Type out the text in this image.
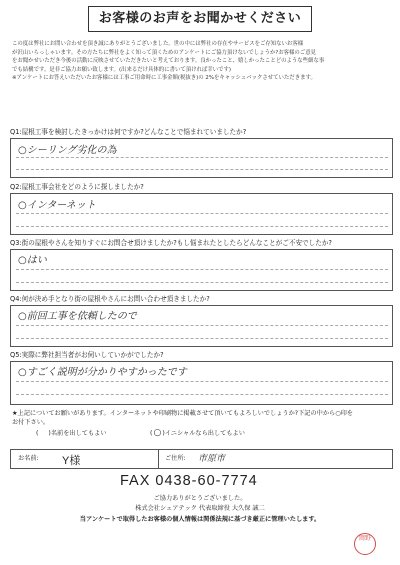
お客様のお声をお聞かせください
この度は弊社にお問い合わせを頂き誠にありがとうございました。世の中には弊社の存在やサービスをご存知ないお客様
が沢山いらっしゃいます。その方たちに弊社をよく知って頂くためのアンケートにご協力頂けないでしょうか?お客様のご意見
をお聞かせいただき今後の活動に反映させていただきたいと考えております。良かったこと、嬉しかったことどのような些細な事
でも結構です。是非ご協力お願い致します。(出来るだけ具体的に書いて頂ければ幸いです)
※アンケートにお答えいただいたお客様には工事ご用命時に工事金額(税抜き)の 2%をキャッシュバックさせていただきます。
Q1:屋根工事を検討したきっかけは何ですか?どんなことで悩まれていましたか?
○シーリング劣化の為
Q2:屋根工事会社をどのように探しましたか?
○インターネット
Q3:街の屋根やさんを知りすぐにお問合せ頂けましたか?もし悩まれたとしたらどんなことがご不安でしたか?
○はい
Q4:何が決め手となり街の屋根やさんにお問い合わせ頂きましたか?
○前回工事を依頼したので
Q5:実際に弊社担当者がお伺いしていかがでしたか?
○すごく説明が分かりやすかったです
★上記についてお願いがあります。インターネットや印刷物に掲載させて頂いてもよろしいでしょうか?下記の中から○印を
お付下さい。
( )名前を出してもよい	(○)イニシャルなら出してもよい
お名前: Y様	ご住所: 市原市
FAX 0438-60-7774
ご協力ありがとうございました。
株式会社シェアテック 代表取締役 大久保 誠二
当アンケートで取得したお客様の個人情報は関係法規に基づき厳正に管理いたします。
岡野
